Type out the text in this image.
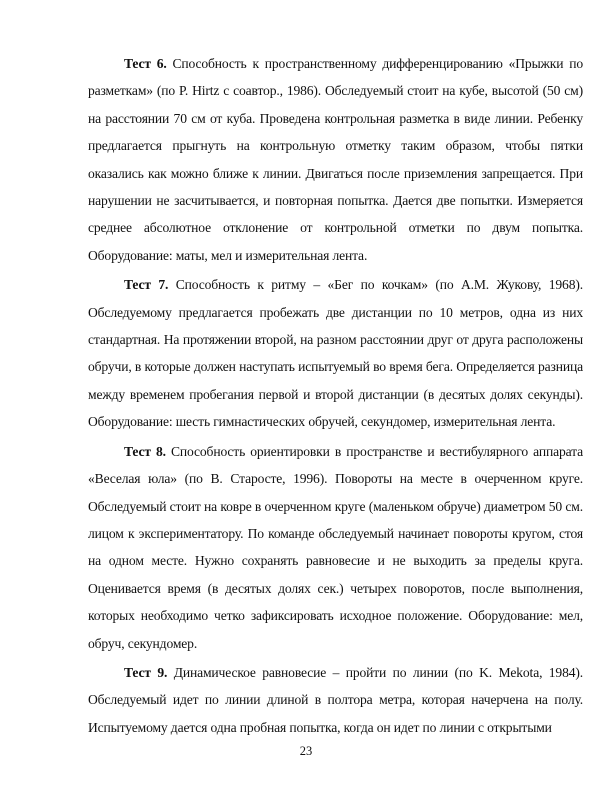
Тест 6. Способность к пространственному дифференцированию «Прыжки по разметкам» (по P. Hirtz с соавтор., 1986). Обследуемый стоит на кубе, высотой (50 см) на расстоянии 70 см от куба. Проведена контрольная разметка в виде линии. Ребенку предлагается прыгнуть на контрольную отметку таким образом, чтобы пятки оказались как можно ближе к линии. Двигаться после приземления запрещается. При нарушении не засчитывается, и повторная попытка. Дается две попытки. Измеряется среднее абсолютное отклонение от контрольной отметки по двум попытка. Оборудование: маты, мел и измерительная лента.

Тест 7. Способность к ритму – «Бег по кочкам» (по А.М. Жукову, 1968). Обследуемому предлагается пробежать две дистанции по 10 метров, одна из них стандартная. На протяжении второй, на разном расстоянии друг от друга расположены обручи, в которые должен наступать испытуемый во время бега. Определяется разница между временем пробегания первой и второй дистанции (в десятых долях секунды). Оборудование: шесть гимнастических обручей, секундомер, измерительная лента.

Тест 8. Способность ориентировки в пространстве и вестибулярного аппарата «Веселая юла» (по В. Старосте, 1996). Повороты на месте в очерченном круге. Обследуемый стоит на ковре в очерченном круге (маленьком обруче) диаметром 50 см. лицом к экспериментатору. По команде обследуемый начинает повороты кругом, стоя на одном месте. Нужно сохранять равновесие и не выходить за пределы круга. Оценивается время (в десятых долях сек.) четырех поворотов, после выполнения, которых необходимо четко зафиксировать исходное положение. Оборудование: мел, обруч, секундомер.

Тест 9. Динамическое равновесие – пройти по линии (по K. Mekota, 1984). Обследуемый идет по линии длиной в полтора метра, которая начерчена на полу. Испытуемому дается одна пробная попытка, когда он идет по линии с открытыми

23
